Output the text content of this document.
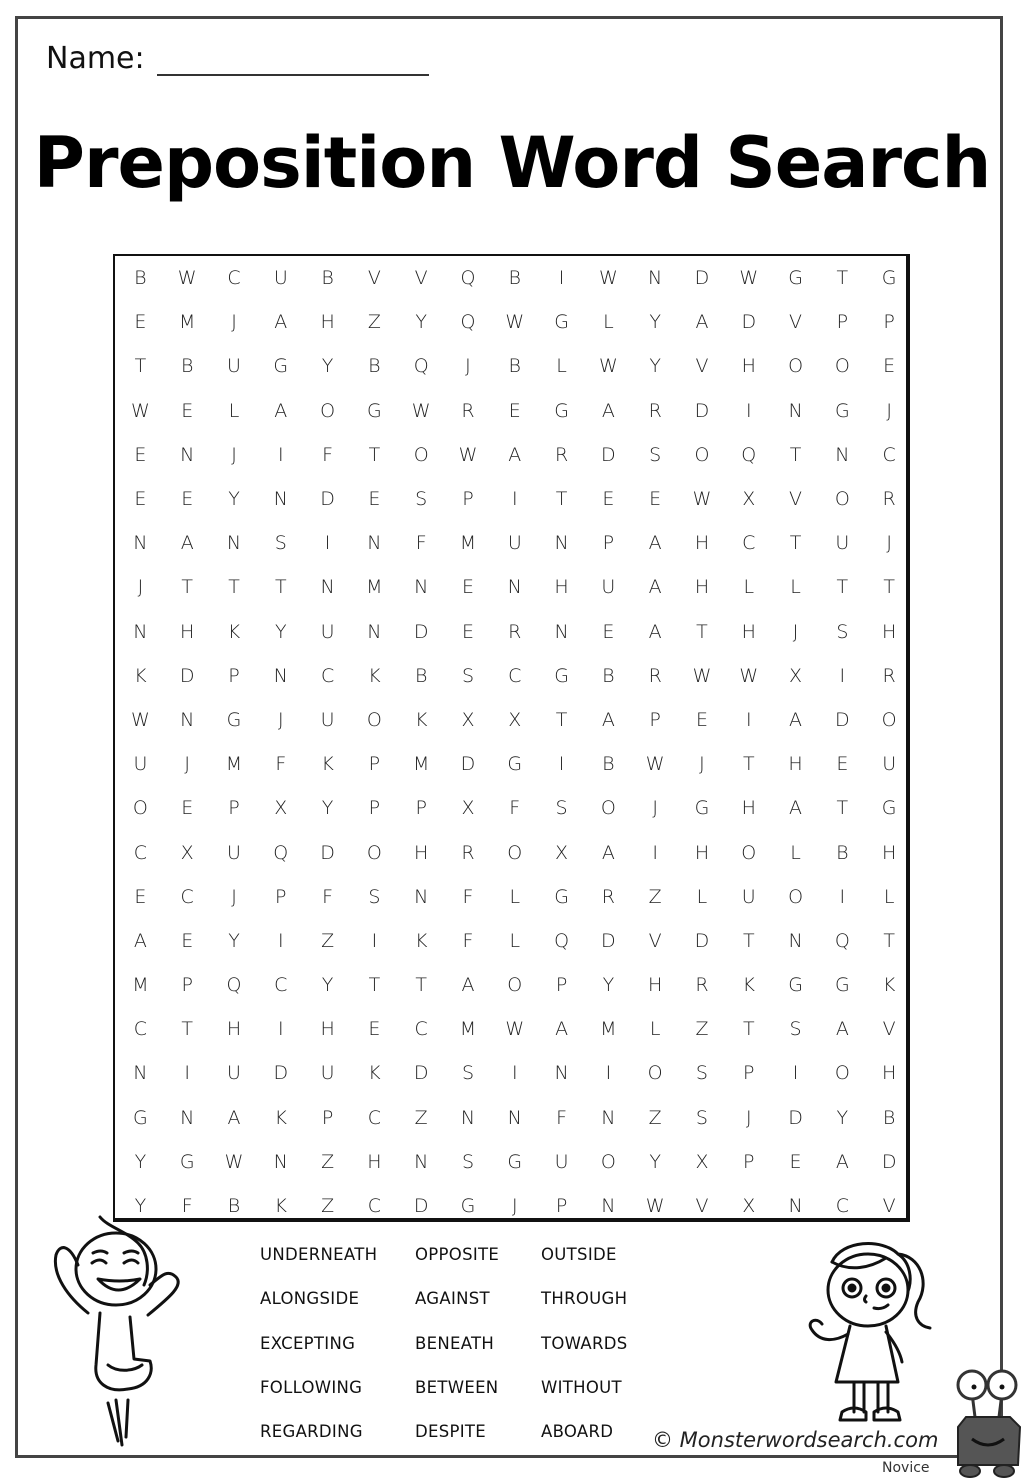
Name:
Preposition Word Search
B	W	C	U	B	V	V	Q	B	I	W	N	D	W	G	T	G
E	M	J	A	H	Z	Y	Q	W	G	L	Y	A	D	V	P	P
T	B	U	G	Y	B	Q	J	B	L	W	Y	V	H	O	O	E
W	E	L	A	O	G	W	R	E	G	A	R	D	I	N	G	J
E	N	J	I	F	T	O	W	A	R	D	S	O	Q	T	N	C
E	E	Y	N	D	E	S	P	I	T	E	E	W	X	V	O	R
N	A	N	S	I	N	F	M	U	N	P	A	H	C	T	U	J
J	T	T	T	N	M	N	E	N	H	U	A	H	L	L	T	T
N	H	K	Y	U	N	D	E	R	N	E	A	T	H	J	S	H
K	D	P	N	C	K	B	S	C	G	B	R	W	W	X	I	R
W	N	G	J	U	O	K	X	X	T	A	P	E	I	A	D	O
U	J	M	F	K	P	M	D	G	I	B	W	J	T	H	E	U
O	E	P	X	Y	P	P	X	F	S	O	J	G	H	A	T	G
C	X	U	Q	D	O	H	R	O	X	A	I	H	O	L	B	H
E	C	J	P	F	S	N	F	L	G	R	Z	L	U	O	I	L
A	E	Y	I	Z	I	K	F	L	Q	D	V	D	T	N	Q	T
M	P	Q	C	Y	T	T	A	O	P	Y	H	R	K	G	G	K
C	T	H	I	H	E	C	M	W	A	M	L	Z	T	S	A	V
N	I	U	D	U	K	D	S	I	N	I	O	S	P	I	O	H
G	N	A	K	P	C	Z	N	N	F	N	Z	S	J	D	Y	B
Y	G	W	N	Z	H	N	S	G	U	O	Y	X	P	E	A	D
Y	F	B	K	Z	C	D	G	J	P	N	W	V	X	N	C	V
UNDERNEATH	OPPOSITE	OUTSIDE
ALONGSIDE	AGAINST	THROUGH
EXCEPTING	BENEATH	TOWARDS
FOLLOWING	BETWEEN	WITHOUT
REGARDING	DESPITE	ABOARD	© Monsterwordsearch.com
Novice
